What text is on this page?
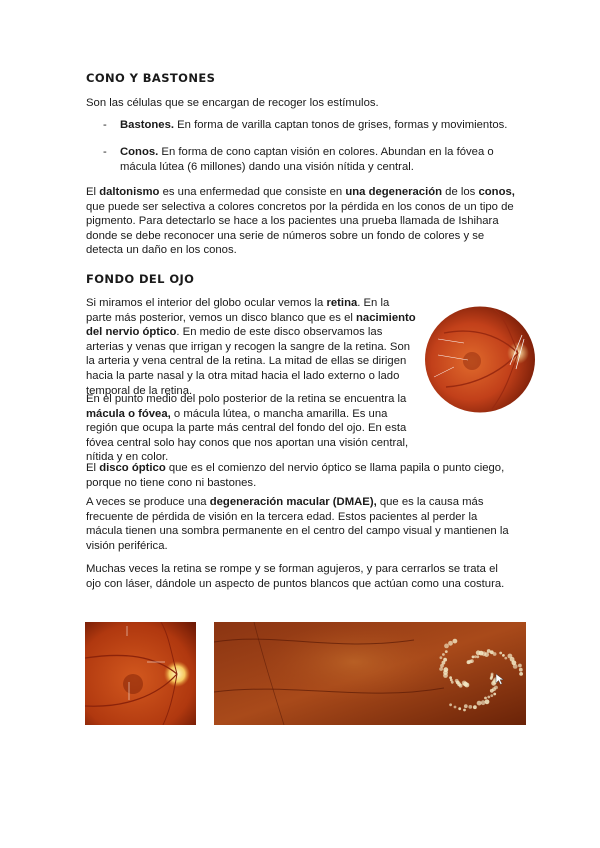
CONO Y BASTONES

Son las células que se encargan de recoger los estímulos.

- Bastones. En forma de varilla captan tonos de grises, formas y movimientos.
- Conos. En forma de cono captan visión en colores. Abundan en la fóvea o mácula lútea (6 millones) dando una visión nítida y central.

El daltonismo es una enfermedad que consiste en una degeneración de los conos, que puede ser selectiva a colores concretos por la pérdida en los conos de un tipo de pigmento. Para detectarlo se hace a los pacientes una prueba llamada de Ishihara donde se debe reconocer una serie de números sobre un fondo de colores y se detecta un daño en los conos.

FONDO DEL OJO

Si miramos el interior del globo ocular vemos la retina. En la parte más posterior, vemos un disco blanco que es el nacimiento del nervio óptico. En medio de este disco observamos las arterias y venas que irrigan y recogen la sangre de la retina. Son la arteria y vena central de la retina. La mitad de ellas se dirigen hacia la parte nasal y la otra mitad hacia el lado externo o lado temporal de la retina.

En el punto medio del polo posterior de la retina se encuentra la mácula o fóvea, o mácula lútea, o mancha amarilla. Es una región que ocupa la parte más central del fondo del ojo. En esta fóvea central solo hay conos que nos aportan una visión central, nítida y en color.

El disco óptico que es el comienzo del nervio óptico se llama papila o punto ciego, porque no tiene cono ni bastones.

A veces se produce una degeneración macular (DMAE), que es la causa más frecuente de pérdida de visión en la tercera edad. Estos pacientes al perder la mácula tienen una sombra permanente en el centro del campo visual y mantienen la visión periférica.

Muchas veces la retina se rompe y se forman agujeros, y para cerrarlos se trata el ojo con láser, dándole un aspecto de puntos blancos que actúan como una costura.
